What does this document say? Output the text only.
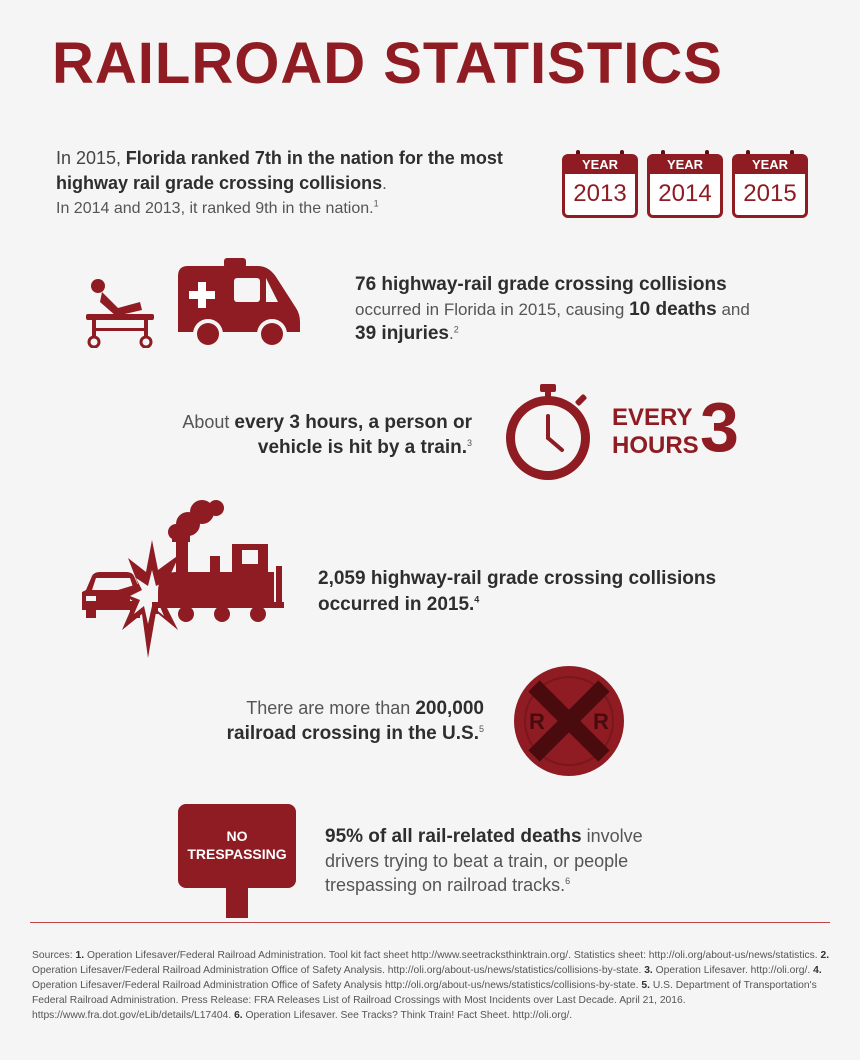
RAILROAD STATISTICS
In 2015, Florida ranked 7th in the nation for the most highway rail grade crossing collisions.
In 2014 and 2013, it ranked 9th in the nation.$^1$
YEAR
2013
YEAR
2014
YEAR
2015
76 highway-rail grade crossing collisions
occurred in Florida in 2015, causing 10 deaths and
39 injuries.$^2$
About every 3 hours, a person or
vehicle is hit by a train.$^3$
EVERY
HOURS 3
2,059 highway-rail grade crossing collisions
occurred in 2015.$^4$
There are more than 200,000
railroad crossing in the U.S.$^5$ R R
NO
TRESPASSING
95% of all rail-related deaths involve
drivers trying to beat a train, or people
trespassing on railroad tracks.$^6$
Sources: 1. Operation Lifesaver/Federal Railroad Administration. Tool kit fact sheet http://www.seetracksthinktrain.org/. Statistics sheet: http://oli.org/about-us/news/statistics. 2. Operation Lifesaver/Federal Railroad Administration Office of Safety Analysis. http://oli.org/about-us/news/statistics/collisions-by-state. 3. Operation Lifesaver. http://oli.org/. 4. Operation Lifesaver/Federal Railroad Administration Office of Safety Analysis http://oli.org/about-us/news/statistics/collisions-by-state. 5. U.S. Department of Transportation's Federal Railroad Administration. Press Release: FRA Releases List of Railroad Crossings with Most Incidents over Last Decade. April 21, 2016. https://www.fra.dot.gov/eLib/details/L17404. 6. Operation Lifesaver. See Tracks? Think Train! Fact Sheet. http://oli.org/.
